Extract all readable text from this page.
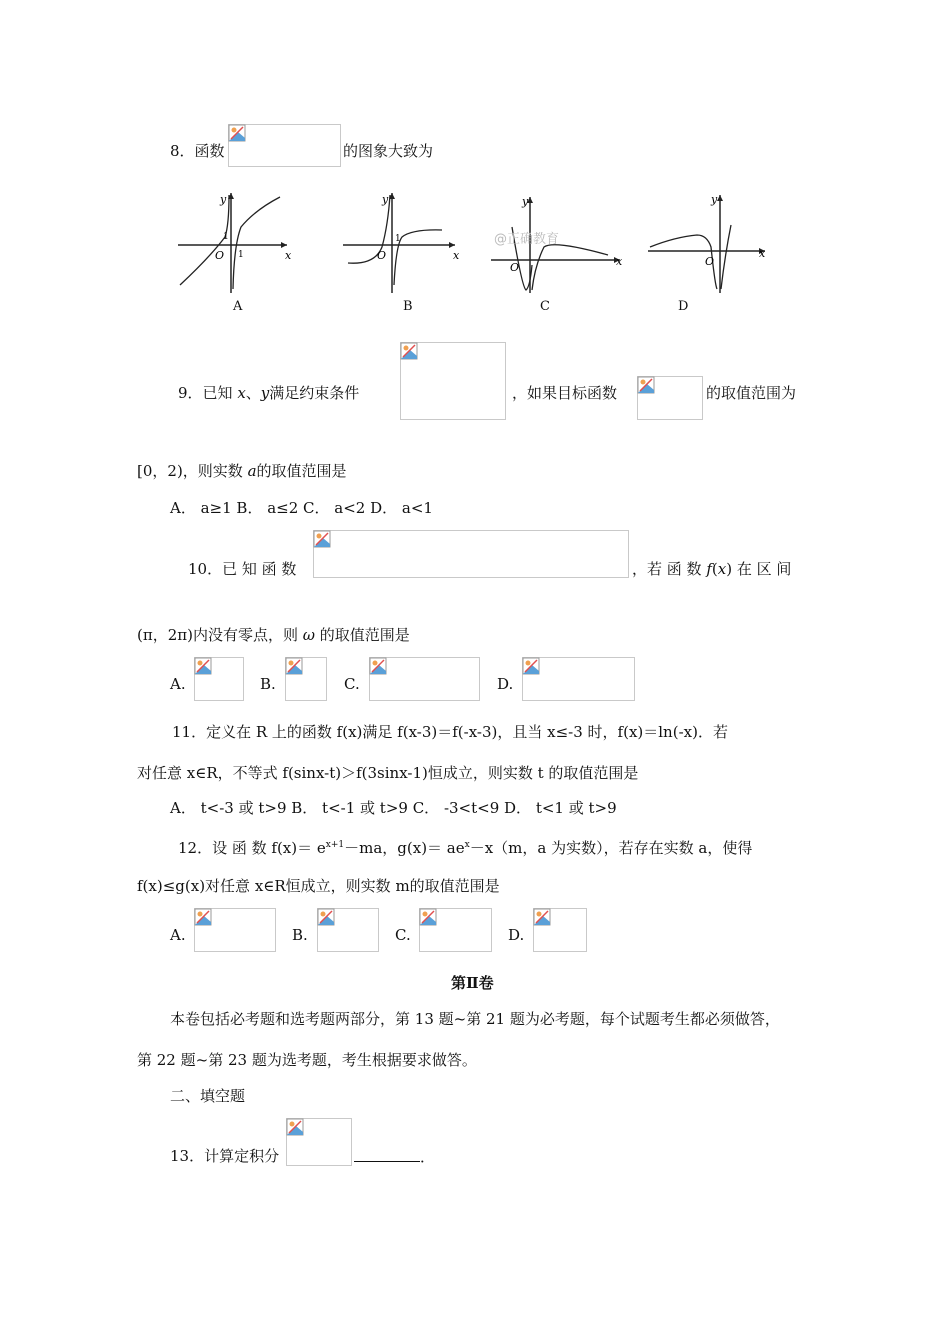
8．函数	的图象大致为
y
x
O
1
1
A
y
x
O
1
B
y
x
O
@正确教育
C
y
x
O
D
9．已知 x、y满足约束条件	，如果目标函数	的取值范围为
[0，2)，则实数 a的取值范围是
A． a≥1 B． a≤2 C． a<2 D． a<1
10．已 知 函 数	，若 函 数 f(x) 在 区 间
(π，2π)内没有零点，则 ω 的取值范围是
A.	B.	C.	D.
11．定义在 R 上的函数 f(x)满足 f(x-3)＝f(-x-3)，且当 x≤-3 时，f(x)＝ln(-x)．若
对任意 x∈R，不等式 f(sinx-t)＞f(3sinx-1)恒成立，则实数 t 的取值范围是
A． t<-3 或 t>9 B． t<-1 或 t>9 C． -3<t<9 D． t<1 或 t>9
12．设 函 数 $f(x)= e^{x+1}-ma$，$g(x)= ae^x-x(m$，a 为实数），若存在实数 a，使得
f(x)≤g(x)对任意 x∈R恒成立，则实数 m的取值范围是
A.	B.	C.	D.
第Ⅱ卷
本卷包括必考题和选考题两部分，第 13 题~第 21 题为必考题，每个试题考生都必须做答，
第 22 题~第 23 题为选考题，考生根据要求做答。
二、填空题
13．计算定积分	．
